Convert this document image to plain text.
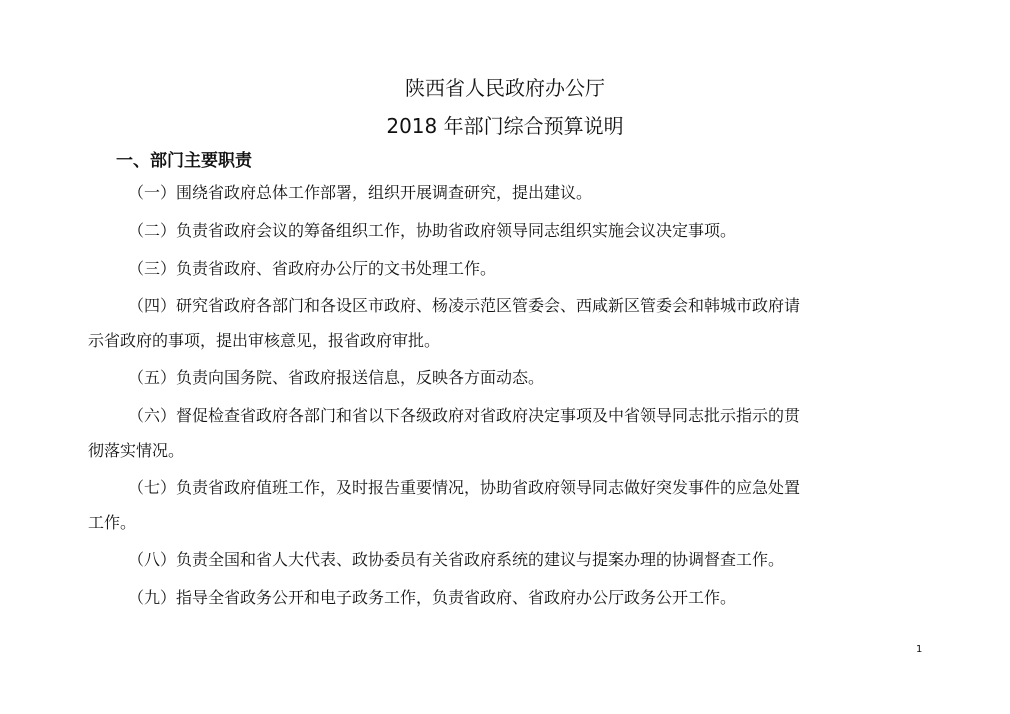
陕西省人民政府办公厅
2018 年部门综合预算说明
一、部门主要职责
（一）围绕省政府总体工作部署，组织开展调查研究，提出建议。
（二）负责省政府会议的筹备组织工作，协助省政府领导同志组织实施会议决定事项。
（三）负责省政府、省政府办公厅的文书处理工作。
（四）研究省政府各部门和各设区市政府、杨凌示范区管委会、西咸新区管委会和韩城市政府请
示省政府的事项，提出审核意见，报省政府审批。
（五）负责向国务院、省政府报送信息，反映各方面动态。
（六）督促检查省政府各部门和省以下各级政府对省政府决定事项及中省领导同志批示指示的贯
彻落实情况。
（七）负责省政府值班工作，及时报告重要情况，协助省政府领导同志做好突发事件的应急处置
工作。
（八）负责全国和省人大代表、政协委员有关省政府系统的建议与提案办理的协调督查工作。
（九）指导全省政务公开和电子政务工作，负责省政府、省政府办公厅政务公开工作。
1
